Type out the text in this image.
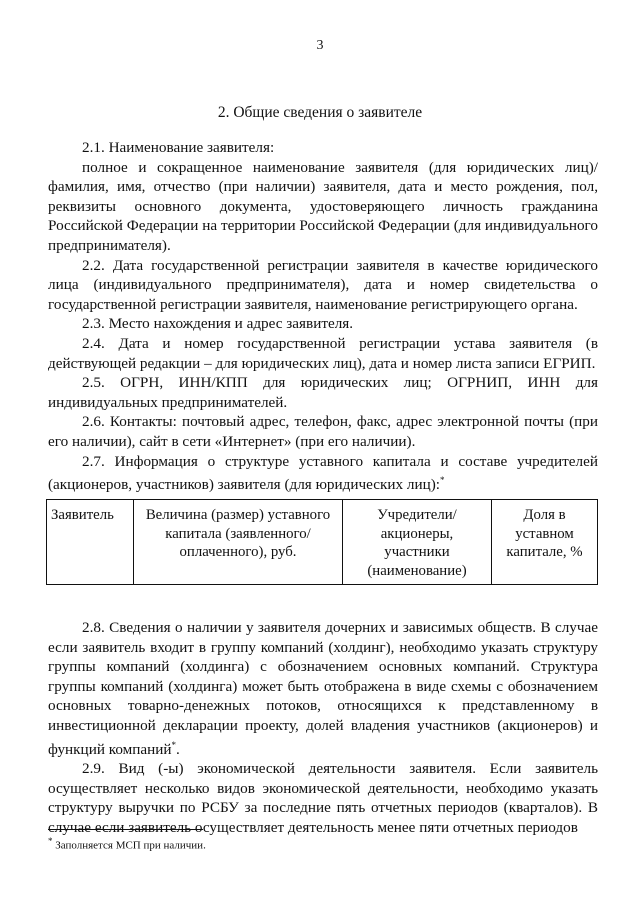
3
2. Общие сведения о заявителе

2.1. Наименование заявителя:

полное и сокращенное наименование заявителя (для юридических лиц)/ фамилия, имя, отчество (при наличии) заявителя, дата и место рождения, пол, реквизиты основного документа, удостоверяющего личность гражданина Российской Федерации на территории Российской Федерации (для индивидуального предпринимателя).

2.2. Дата государственной регистрации заявителя в качестве юридического лица (индивидуального предпринимателя), дата и номер свидетельства о государственной регистрации заявителя, наименование регистрирующего органа.

2.3. Место нахождения и адрес заявителя.

2.4. Дата и номер государственной регистрации устава заявителя (в действующей редакции – для юридических лиц), дата и номер листа записи ЕГРИП.

2.5. ОГРН, ИНН/КПП для юридических лиц; ОГРНИП, ИНН для индивидуальных предпринимателей.

2.6. Контакты: почтовый адрес, телефон, факс, адрес электронной почты (при его наличии), сайт в сети «Интернет» (при его наличии).

2.7. Информация о структуре уставного капитала и составе учредителей (акционеров, участников) заявителя (для юридических лиц):*

Заявитель	Величина (размер) уставного капитала (заявленного/ оплаченного), руб.	Учредители/ акционеры, участники (наименование)	Доля в уставном капитале, %

2.8. Сведения о наличии у заявителя дочерних и зависимых обществ. В случае если заявитель входит в группу компаний (холдинг), необходимо указать структуру группы компаний (холдинга) с обозначением основных компаний. Структура группы компаний (холдинга) может быть отображена в виде схемы с обозначением основных товарно-денежных потоков, относящихся к представленному в инвестиционной декларации проекту, долей владения участников (акционеров) и функций компаний*.

2.9. Вид (-ы) экономической деятельности заявителя. Если заявитель осуществляет несколько видов экономической деятельности, необходимо указать структуру выручки по РСБУ за последние пять отчетных периодов (кварталов). В случае если заявитель осуществляет деятельность менее пяти отчетных периодов

* Заполняется МСП при наличии.
